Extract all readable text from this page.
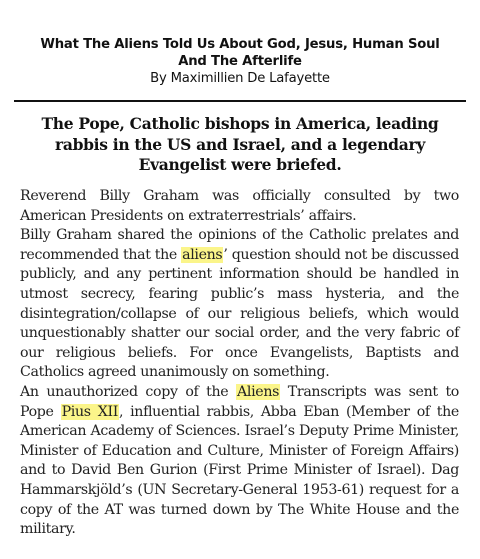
What The Aliens Told Us About God, Jesus, Human Soul
And The Afterlife
By Maximillien De Lafayette
The Pope, Catholic bishops in America, leading rabbis in the US and Israel, and a legendary Evangelist were briefed.

Reverend Billy Graham was officially consulted by two American Presidents on extraterrestrials’ affairs.

Billy Graham shared the opinions of the Catholic prelates and recommended that the aliens’ question should not be discussed publicly, and any pertinent information should be handled in utmost secrecy, fearing public’s mass hysteria, and the disintegration/collapse of our religious beliefs, which would unquestionably shatter our social order, and the very fabric of our religious beliefs. For once Evangelists, Baptists and Catholics agreed unanimously on something.

An unauthorized copy of the Aliens Transcripts was sent to Pope Pius XII, influential rabbis, Abba Eban (Member of the American Academy of Sciences. Israel’s Deputy Prime Minister, Minister of Education and Culture, Minister of Foreign Affairs) and to David Ben Gurion (First Prime Minister of Israel). Dag Hammarskjöld’s (UN Secretary-General 1953-61) request for a copy of the AT was turned down by The White House and the military.
